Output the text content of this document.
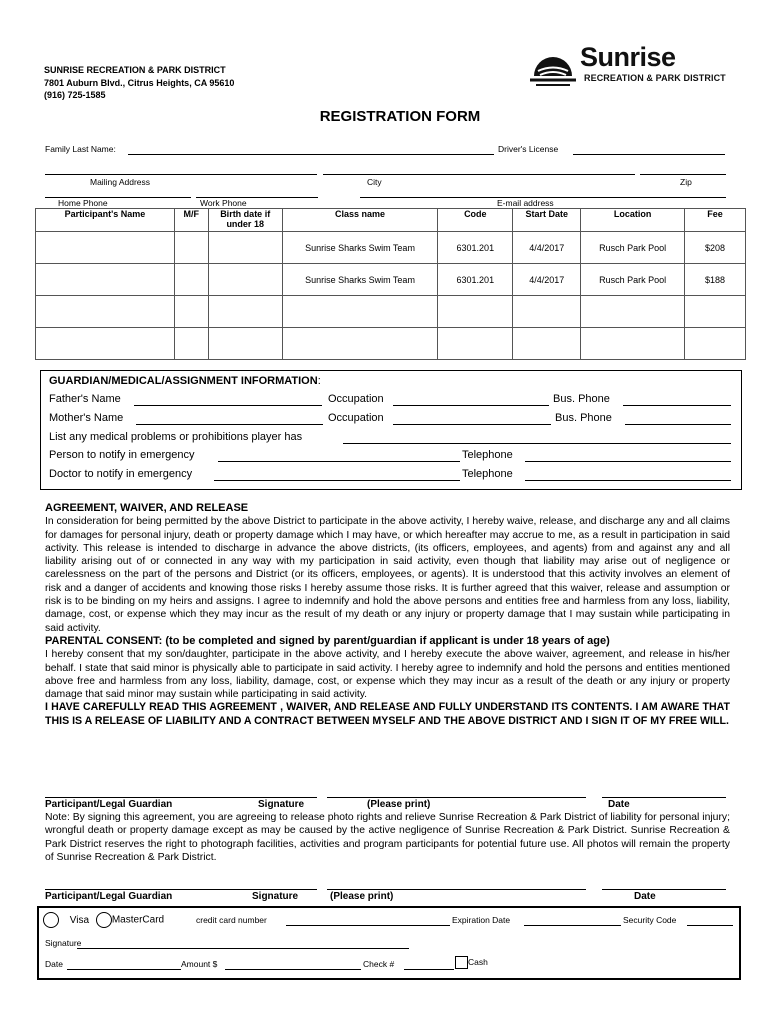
SUNRISE RECREATION & PARK DISTRICT
7801 Auburn Blvd., Citrus Heights, CA 95610
(916) 725-1585
Sunrise
RECREATION & PARK DISTRICT
REGISTRATION FORM
Family Last Name:	Driver's License
Mailing Address	City	Zip
Home Phone	Work Phone	E-mail address
Participant's Name	M/F	Birth date if under 18	Class name	Code	Start Date	Location	Fee
			Sunrise Sharks Swim Team	6301.201	4/4/2017	Rusch Park Pool	$208
			Sunrise Sharks Swim Team	6301.201	4/4/2017	Rusch Park Pool	$188

GUARDIAN/MEDICAL/ASSIGNMENT INFORMATION:
Father's Name	Occupation	Bus. Phone
Mother's Name	Occupation	Bus. Phone
List any medical problems or prohibitions player has
Person to notify in emergency	Telephone
Doctor to notify in emergency	Telephone
AGREEMENT, WAIVER, AND RELEASE
In consideration for being permitted by the above District to participate in the above activity, I hereby waive, release, and discharge any and all claims for damages for personal injury, death or property damage which I may have, or which hereafter may accrue to me, as a result in participation in said activity. This release is intended to discharge in advance the above districts, (its officers, employees, and agents) from and against any and all liability arising out of or connected in any way with my participation in said activity, even though that liability may arise out of negligence or carelessness on the part of the persons and District (or its officers, employees, or agents). It is understood that this activity involves an element of risk and a danger of accidents and knowing those risks I hereby assume those risks. It is further agreed that this waiver, release and assumption or risk is to be binding on my heirs and assigns. I agree to indemnify and hold the above persons and entities free and harmless from any loss, liability, damage, cost, or expense which they may incur as the result of my death or any injury or property damage that I may sustain while participating in said activity.
PARENTAL CONSENT: (to be completed and signed by parent/guardian if applicant is under 18 years of age)
I hereby consent that my son/daughter, participate in the above activity, and I hereby execute the above waiver, agreement, and release in his/her behalf. I state that said minor is physically able to participate in said activity. I hereby agree to indemnify and hold the persons and entities mentioned above free and harmless from any loss, liability, damage, cost, or expense which they may incur as a result of the death or any injury or property damage that said minor may sustain while participating in said activity.
I HAVE CAREFULLY READ THIS AGREEMENT , WAIVER, AND RELEASE AND FULLY UNDERSTAND ITS CONTENTS. I AM AWARE THAT THIS IS A RELEASE OF LIABILITY AND A CONTRACT BETWEEN MYSELF AND THE ABOVE DISTRICT AND I SIGN IT OF MY FREE WILL.
Participant/Legal Guardian	Signature	(Please print)	Date
Note: By signing this agreement, you are agreeing to release photo rights and relieve Sunrise Recreation & Park District of liability for personal injury; wrongful death or property damage except as may be caused by the active negligence of Sunrise Recreation & Park District. Sunrise Recreation & Park District reserves the right to photograph facilities, activities and program participants for potential future use. All photos will remain the property of Sunrise Recreation & Park District.
Participant/Legal Guardian	Signature	(Please print)	Date
Visa MasterCard	credit card number	Expiration Date	Security Code
Signature
Date	Amount $	Check #	Cash
